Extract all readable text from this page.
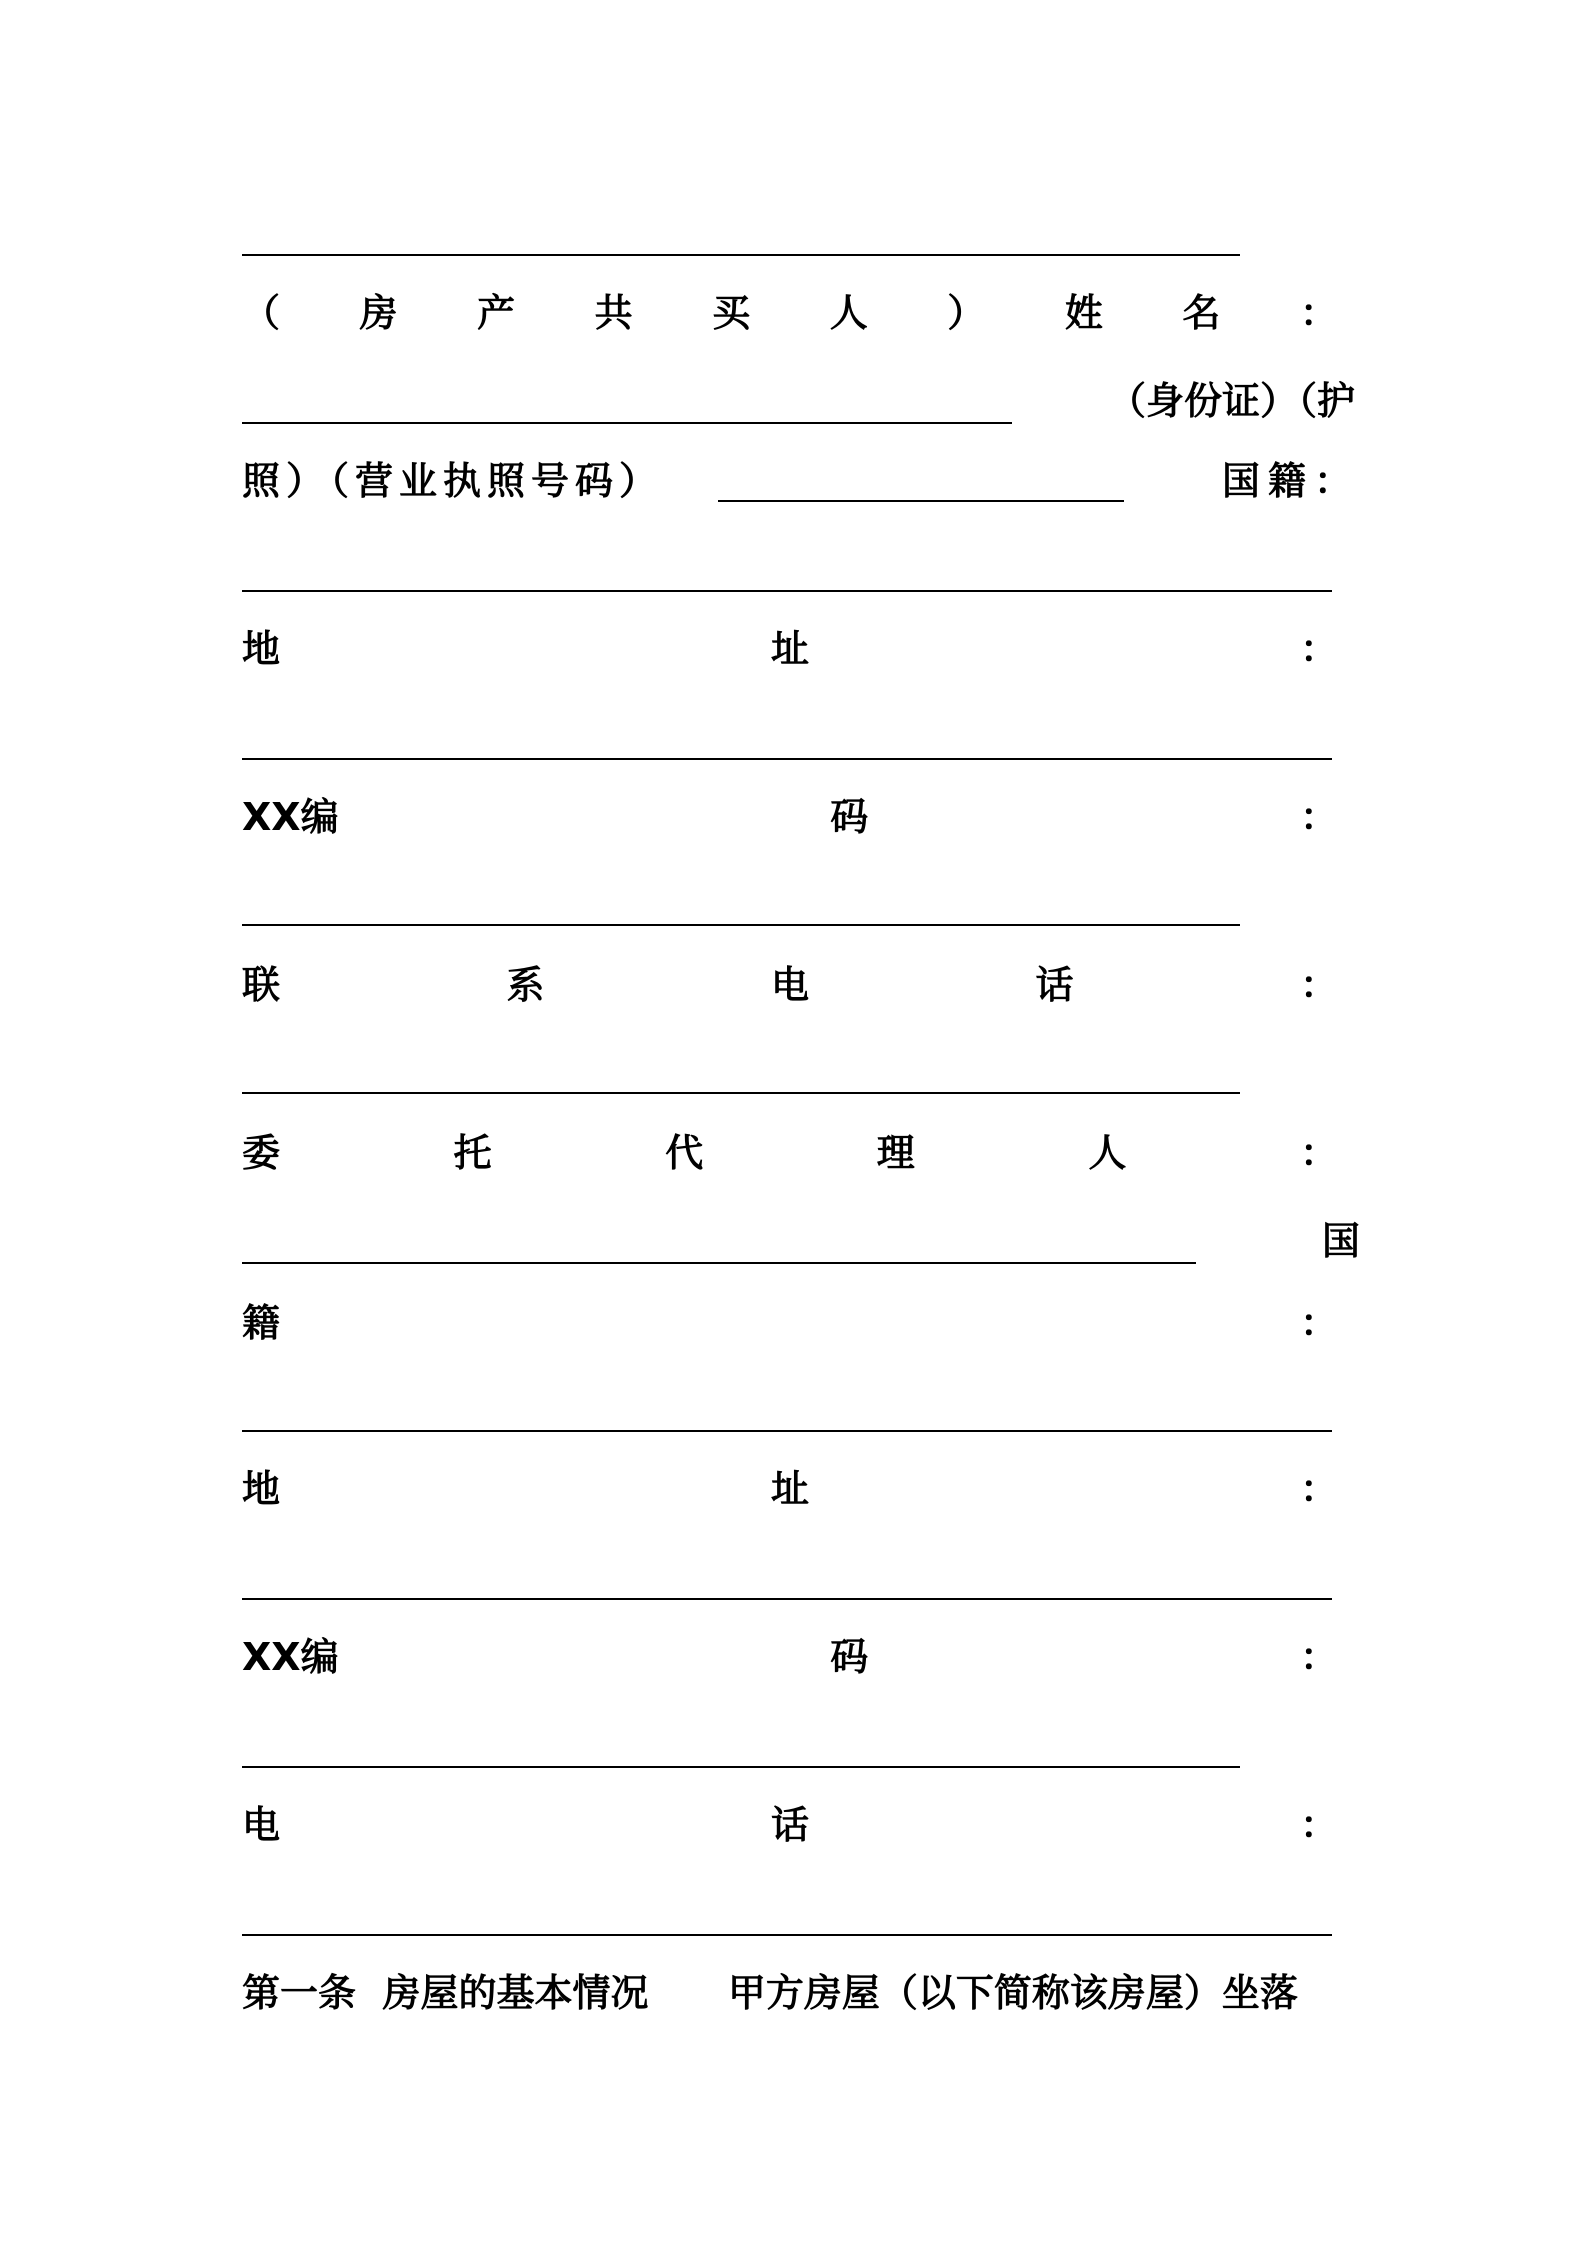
（ 房 产 共 买 人 ） 姓 名 ：
（身份证）（护
照）（营业执照号码）	国籍：
地	址	：
XX编	码	：
联	系	电	话	：
委	托	代	理	人	：
国
籍	：
地	址	：
XX编	码	：
电	话	：
第一条  房屋的基本情况      甲方房屋（以下简称该房屋）坐落
